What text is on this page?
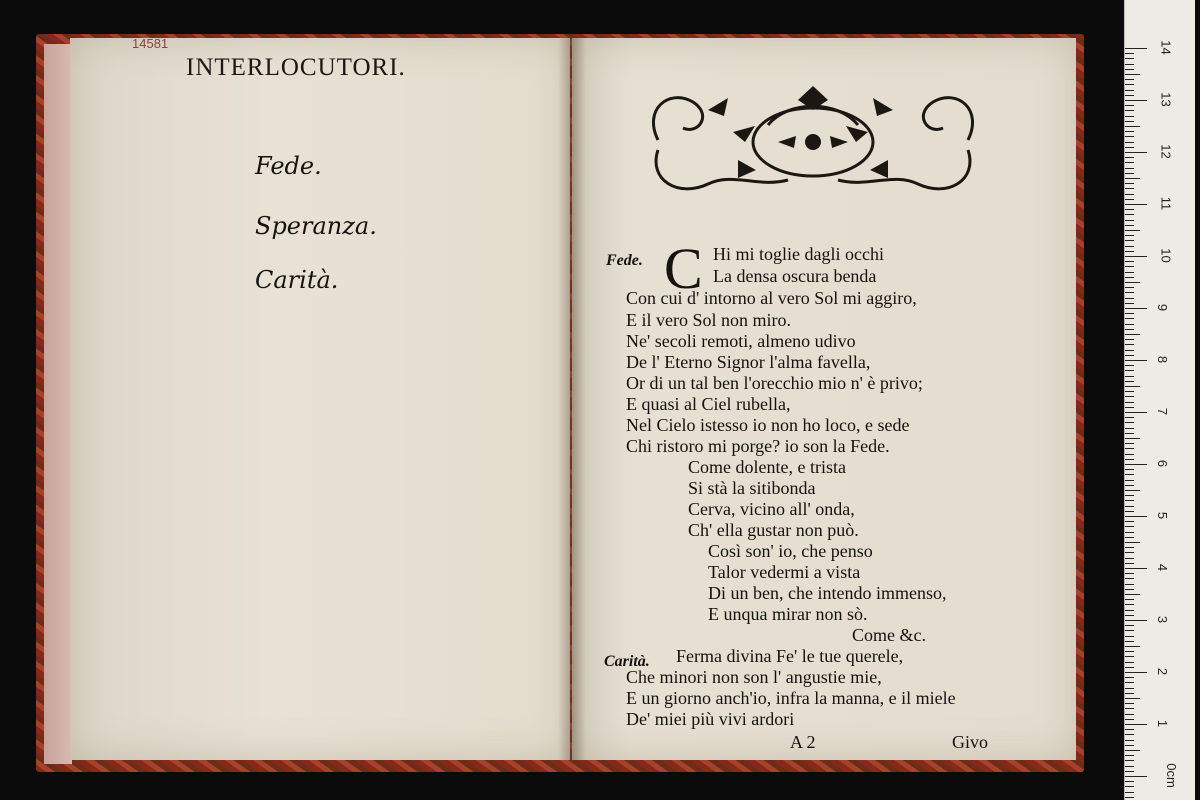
14581
INTERLOCUTORI.
Fede.
Speranza.
Carità.	C
Fede.	Hi mi toglie dagli occhi
La densa oscura benda
Con cui d' intorno al vero Sol mi aggiro,
E il vero Sol non miro.
Ne' secoli remoti, almeno udivo
De l' Eterno Signor l'alma favella,
Or di un tal ben l'orecchio mio n' è privo;
E quasi al Ciel rubella,
Nel Cielo istesso io non ho loco, e sede
Chi ristoro mi porge? io son la Fede.
Come dolente, e trista
Si stà la sitibonda
Cerva, vicino all' onda,
Ch' ella gustar non può.
Così son' io, che penso
Talor vedermi a vista
Di un ben, che intendo immenso,
E unqua mirar non sò.
Come &c.
Carità. Ferma divina Fe' le tue querele,
Che minori non son l' angustie mie,
E un giorno anch'io, infra la manna, e il miele
De' miei più vivi ardori
A 2	Givo
14
13
12
11
10
9
8
7
6
5
4
3
2
1
0cm
